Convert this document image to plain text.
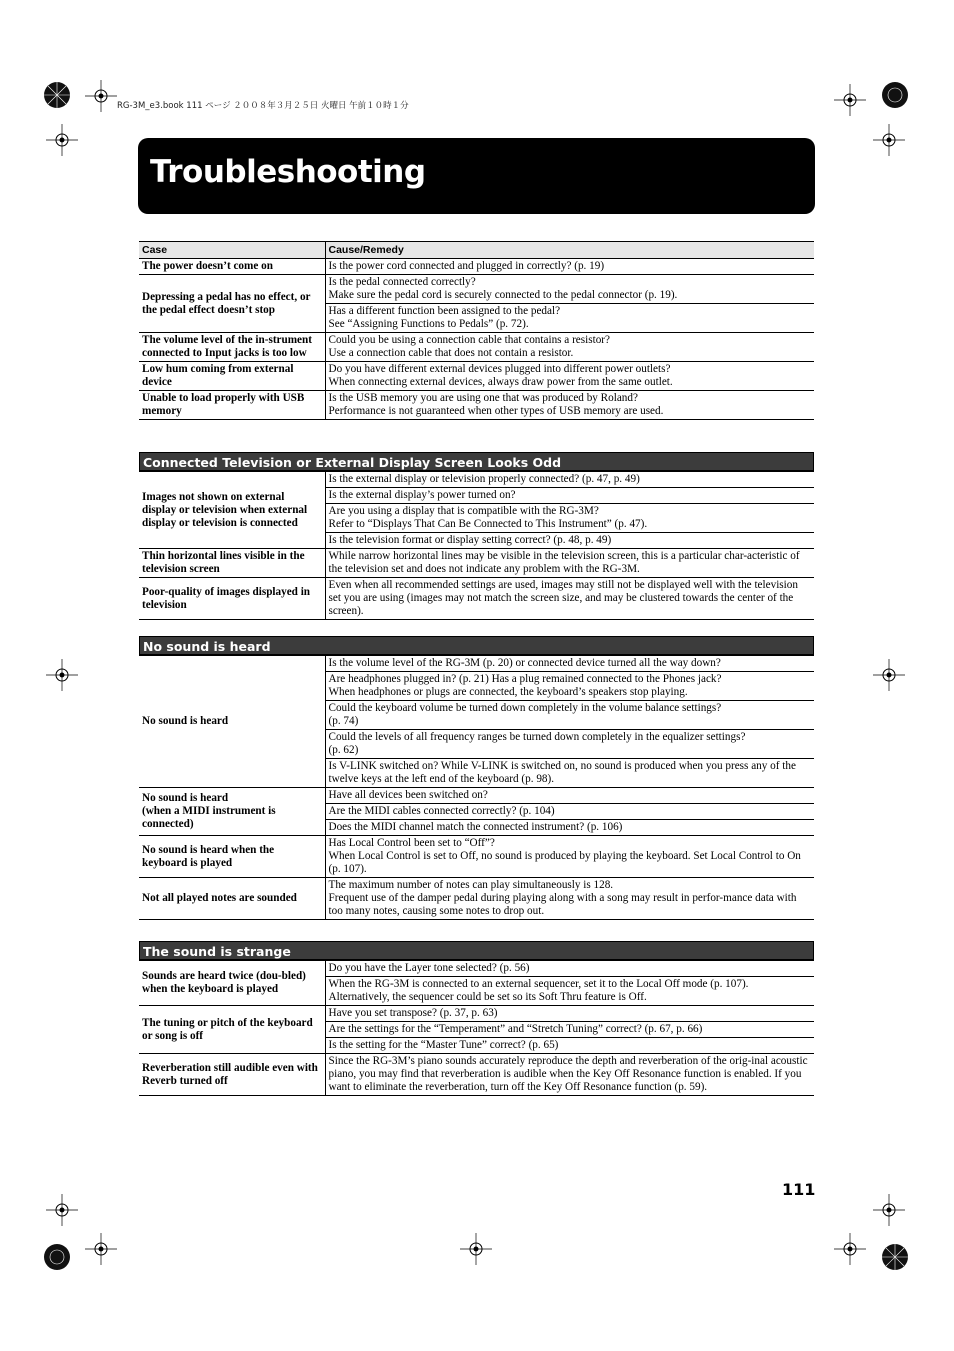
RG-3M_e3.book 111 ページ ２００８年３月２５日 火曜日 午前１０時１分
Troubleshooting
Case	Cause/Remedy
The power doesn’t come on	Is the power cord connected and plugged in correctly? (p. 19)
Depressing a pedal has no effect, or the pedal effect doesn’t stop	Is the pedal connected correctly?
Make sure the pedal cord is securely connected to the pedal connector (p. 19).
	Has a different function been assigned to the pedal?
See “Assigning Functions to Pedals” (p. 72).
The volume level of the in-strument connected to Input jacks is too low	Could you be using a connection cable that contains a resistor?
Use a connection cable that does not contain a resistor.
Low hum coming from external device	Do you have different external devices plugged into different power outlets?
When connecting external devices, always draw power from the same outlet.
Unable to load properly with USB memory	Is the USB memory you are using one that was produced by Roland?
Performance is not guaranteed when other types of USB memory are used.
Connected Television or External Display Screen Looks Odd
Images not shown on external display or television when external display or television is connected	Is the external display or television properly connected? (p. 47, p. 49)
	Is the external display’s power turned on?
	Are you using a display that is compatible with the RG-3M?
Refer to “Displays That Can Be Connected to This Instrument” (p. 47).
	Is the television format or display setting correct? (p. 48, p. 49)
Thin horizontal lines visible in the television screen	While narrow horizontal lines may be visible in the television screen, this is a particular char-acteristic of the television set and does not indicate any problem with the RG-3M.
Poor-quality of images displayed in television	Even when all recommended settings are used, images may still not be displayed well with the television set you are using (images may not match the screen size, and may be clustered towards the center of the screen).
No sound is heard
No sound is heard	Is the volume level of the RG-3M (p. 20) or connected device turned all the way down?
	Are headphones plugged in? (p. 21) Has a plug remained connected to the Phones jack?
When headphones or plugs are connected, the keyboard’s speakers stop playing.
	Could the keyboard volume be turned down completely in the volume balance settings?
(p. 74)
	Could the levels of all frequency ranges be turned down completely in the equalizer settings?
(p. 62)
	Is V-LINK switched on? While V-LINK is switched on, no sound is produced when you press any of the twelve keys at the left end of the keyboard (p. 98).
No sound is heard
(when a MIDI instrument is connected)	Have all devices been switched on?
	Are the MIDI cables connected correctly? (p. 104)
	Does the MIDI channel match the connected instrument? (p. 106)
No sound is heard when the keyboard is played	Has Local Control been set to “Off”?
When Local Control is set to Off, no sound is produced by playing the keyboard. Set Local Control to On (p. 107).
Not all played notes are sounded	The maximum number of notes can play simultaneously is 128.
Frequent use of the damper pedal during playing along with a song may result in perfor-mance data with too many notes, causing some notes to drop out.
The sound is strange
Sounds are heard twice (dou-bled) when the keyboard is played	Do you have the Layer tone selected? (p. 56)
	When the RG-3M is connected to an external sequencer, set it to the Local Off mode (p. 107).
Alternatively, the sequencer could be set so its Soft Thru feature is Off.
The tuning or pitch of the keyboard or song is off	Have you set transpose? (p. 37, p. 63)
	Are the settings for the “Temperament” and “Stretch Tuning” correct? (p. 67, p. 66)
	Is the setting for the “Master Tune” correct? (p. 65)
Reverberation still audible even with Reverb turned off	Since the RG-3M’s piano sounds accurately reproduce the depth and reverberation of the orig-inal acoustic piano, you may find that reverberation is audible when the Key Off Resonance function is enabled. If you want to eliminate the reverberation, turn off the Key Off Resonance function (p. 59).
111
